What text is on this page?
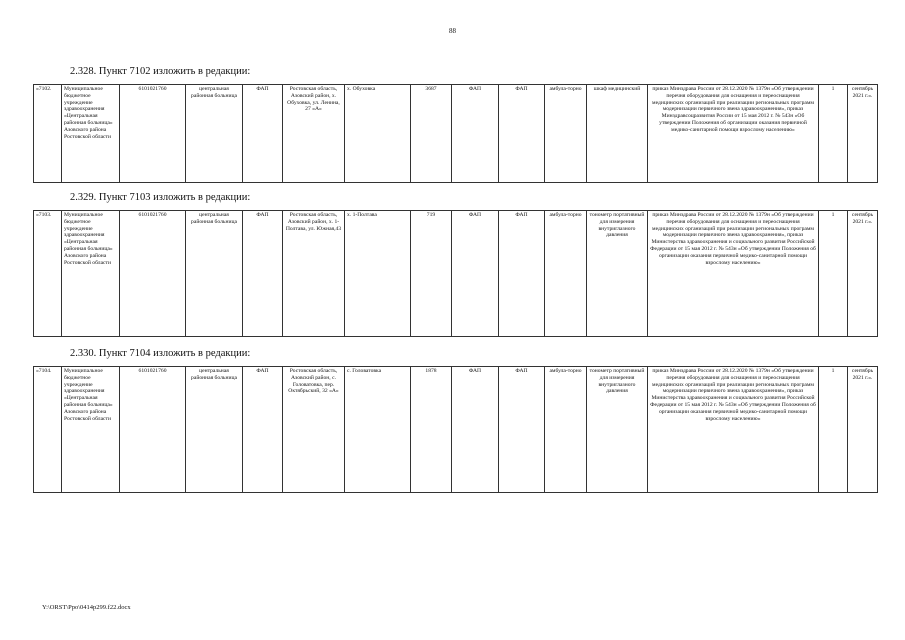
88
2.328. Пункт 7102 изложить в редакции:
«7102.	Муниципальное бюджетное учреждение здравоохранения «Центральная районная больница» Азовского района Ростовской области	6101021760	центральная районная больница	ФАП	Ростовская область, Азовский район, х. Обуховка, ул. Ленина, 27 «А»	х. Обуховка	3687	ФАП	ФАП	амбула-торно	шкаф медицинский	приказ Минздрава России от 28.12.2020 № 1379н «Об утверждении перечня оборудования для оснащения и переоснащения медицинских организаций при реализации региональных программ модернизации первичного звена здравоохранения», приказ Минздравсоцразвития России от 15 мая 2012 г. № 543н «Об утверждении Положения об организации оказания первичной медико-санитарной помощи взрослому населению»	1	сентябрь 2021 г.».
2.329. Пункт 7103 изложить в редакции:
«7103.	Муниципальное бюджетное учреждение здравоохранения «Центральная районная больница» Азовского района Ростовской области	6101021760	центральная районная больница	ФАП	Ростовская область, Азовский район, х. 1-Полтава, ул. Южная,43	х. 1-Полтава	719	ФАП	ФАП	амбула-торно	тонометр портативный для измерения внутриглазного давления	приказ Минздрава России от 28.12.2020 № 1379н «Об утверждении перечня оборудования для оснащения и переоснащения медицинских организаций при реализации региональных программ модернизации первичного звена здравоохранения», приказ Министерства здравоохранения и социального развития Российской Федерации от 15 мая 2012 г. № 543н «Об утверждении Положения об организации оказания первичной медико-санитарной помощи взрослому населению»	1	сентябрь 2021 г.».
2.330. Пункт 7104 изложить в редакции:
«7104.	Муниципальное бюджетное учреждение здравоохранения «Центральная районная больница» Азовского района Ростовской области	6101021760	центральная районная больница	ФАП	Ростовская область, Азовский район, с. Головатовка, пер. Октябрьский, 32 «А»	с. Головатовка	1878	ФАП	ФАП	амбула-торно	тонометр портативный для измерения внутриглазного давления	приказ Минздрава России от 28.12.2020 № 1379н «Об утверждении перечня оборудования для оснащения и переоснащения медицинских организаций при реализации региональных программ модернизации первичного звена здравоохранения», приказ Министерства здравоохранения и социального развития Российской Федерации от 15 мая 2012 г. № 543н «Об утверждении Положения об организации оказания первичной медико-санитарной помощи взрослому населению»	1	сентябрь 2021 г.».
Y:\ORST\Ppo\0414p299.f22.docx
